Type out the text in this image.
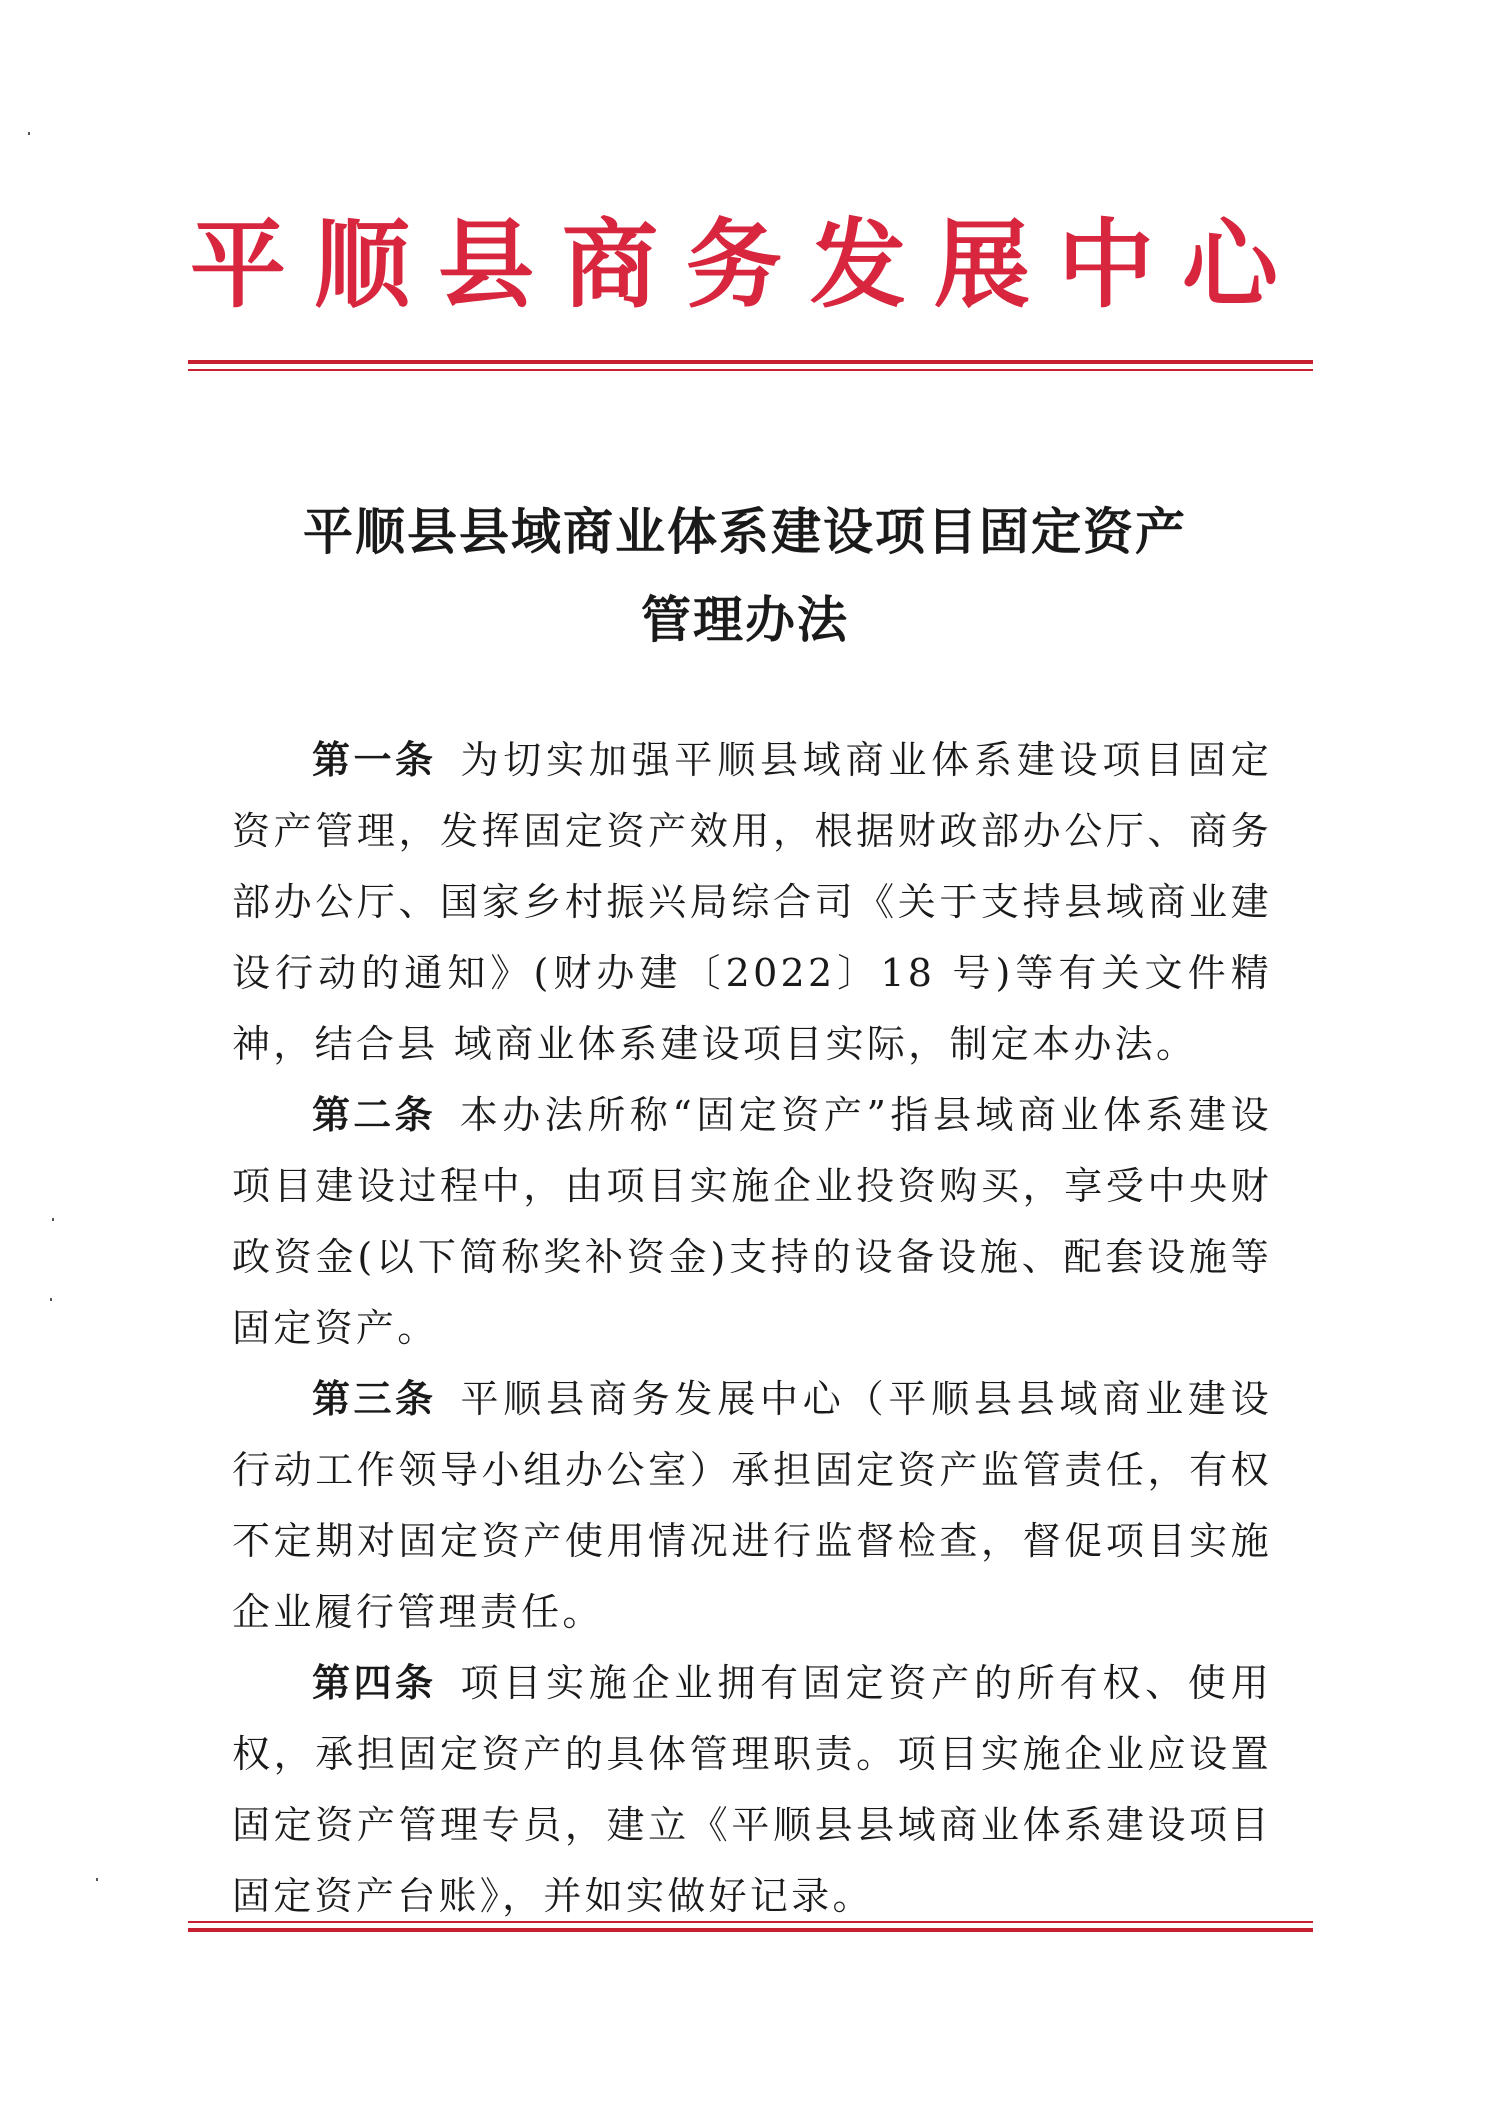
平顺县商务发展中心
平顺县县域商业体系建设项目固定资产
管理办法

第一条 为切实加强平顺县域商业体系建设项目固定资产管理，发挥固定资产效用，根据财政部办公厅、商务部办公厅、国家乡村振兴局综合司《关于支持县域商业建设行动的通知》(财办建〔2022〕18 号)等有关文件精神，结合县 域商业体系建设项目实际，制定本办法。

第二条 本办法所称“固定资产”指县域商业体系建设项目建设过程中，由项目实施企业投资购买，享受中央财政资金(以下简称奖补资金)支持的设备设施、配套设施等固定资产。

第三条 平顺县商务发展中心（平顺县县域商业建设行动工作领导小组办公室）承担固定资产监管责任，有权不定期对固定资产使用情况进行监督检查，督促项目实施企业履行管理责任。

第四条 项目实施企业拥有固定资产的所有权、使用权，承担固定资产的具体管理职责。项目实施企业应设置固定资产管理专员，建立《平顺县县域商业体系建设项目固定资产台账》，并如实做好记录。
